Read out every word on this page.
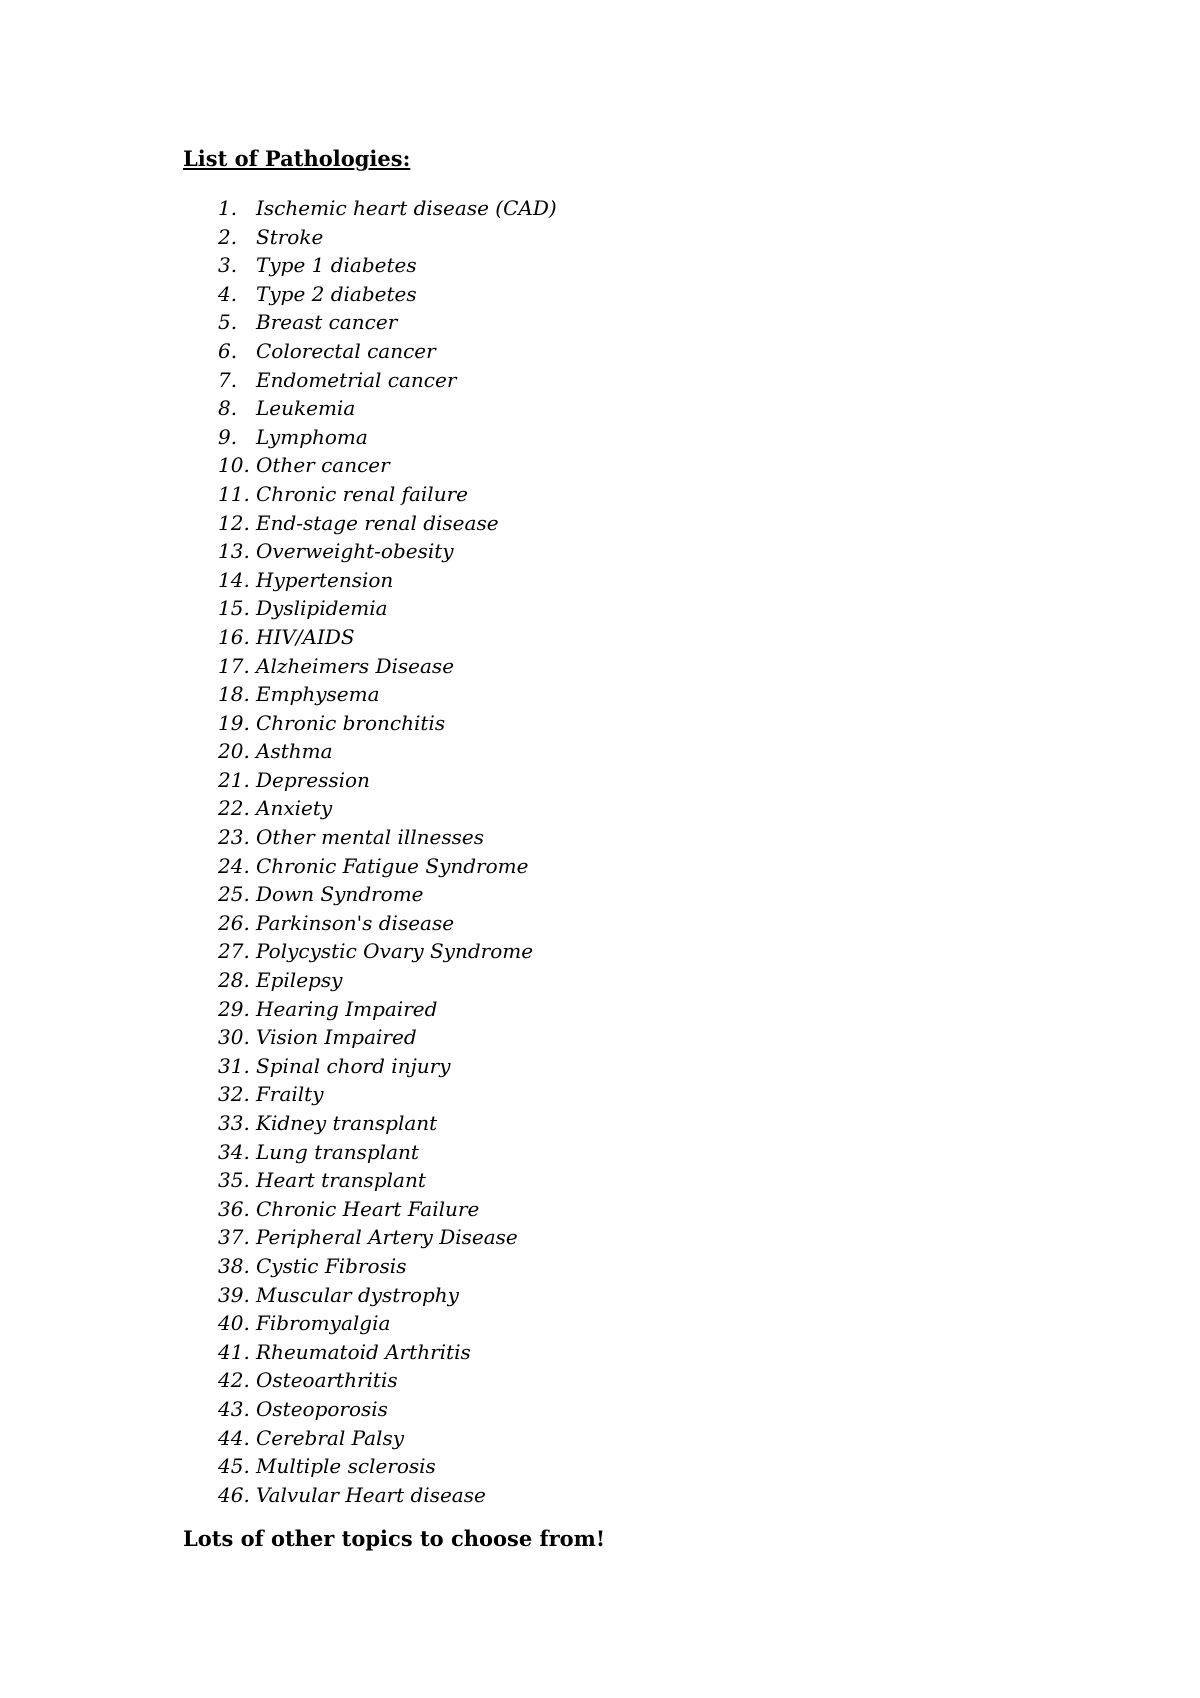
List of Pathologies:
1. Ischemic heart disease (CAD)
2. Stroke
3. Type 1 diabetes
4. Type 2 diabetes
5. Breast cancer
6. Colorectal cancer
7. Endometrial cancer
8. Leukemia
9. Lymphoma
10. Other cancer
11. Chronic renal failure
12. End-stage renal disease
13. Overweight-obesity
14. Hypertension
15. Dyslipidemia
16. HIV/AIDS
17. Alzheimers Disease
18. Emphysema
19. Chronic bronchitis
20. Asthma
21. Depression
22. Anxiety
23. Other mental illnesses
24. Chronic Fatigue Syndrome
25. Down Syndrome
26. Parkinson's disease
27. Polycystic Ovary Syndrome
28. Epilepsy
29. Hearing Impaired
30. Vision Impaired
31. Spinal chord injury
32. Frailty
33. Kidney transplant
34. Lung transplant
35. Heart transplant
36. Chronic Heart Failure
37. Peripheral Artery Disease
38. Cystic Fibrosis
39. Muscular dystrophy
40. Fibromyalgia
41. Rheumatoid Arthritis
42. Osteoarthritis
43. Osteoporosis
44. Cerebral Palsy
45. Multiple sclerosis
46. Valvular Heart disease
Lots of other topics to choose from!
